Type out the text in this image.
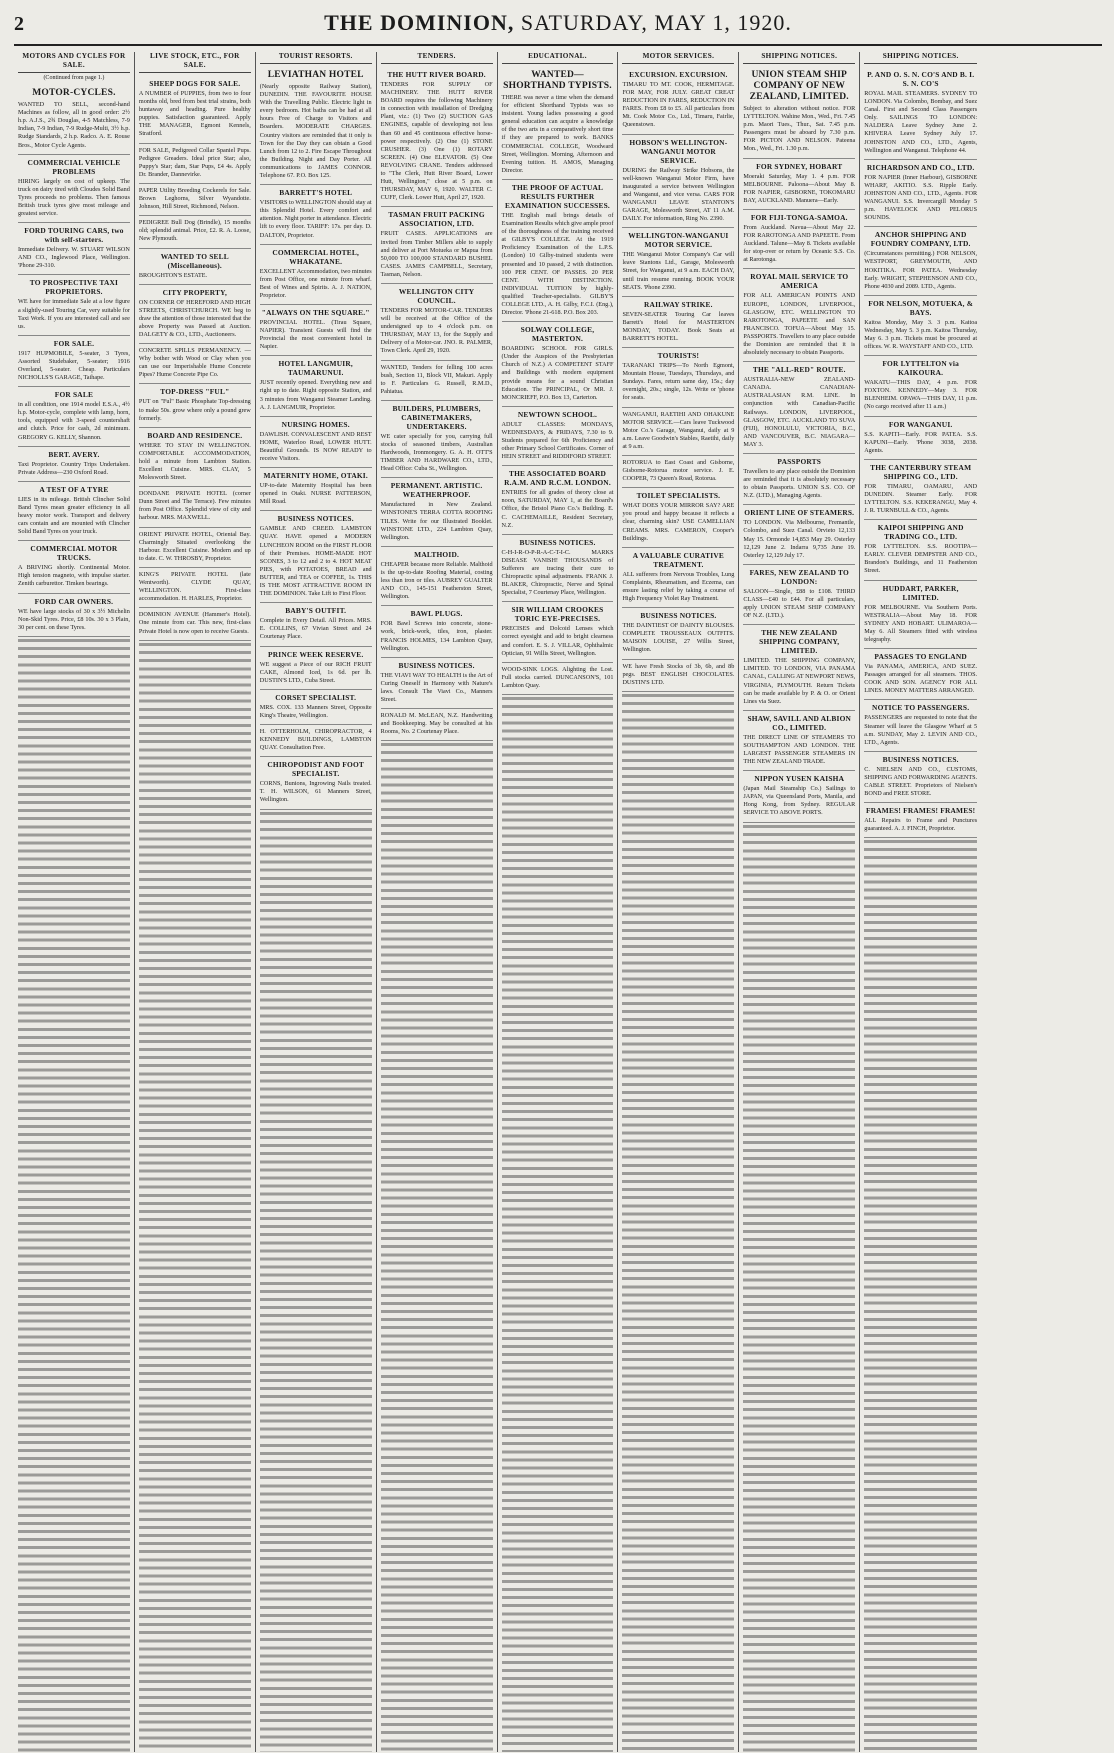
2	THE DOMINION, SATURDAY, MAY 1, 1920.
MOTORS AND CYCLES FOR SALE.
(Continued from page 1.)
MOTOR-CYCLES.
WANTED TO SELL, second-hand Machines as follow, all in good order: 2½ h.p. A.J.S., 2¾ Douglas, 4-5 Matchless, 7-9 Indian, 7-9 Indian, 7-9 Rudge-Multi, 3½ h.p. Rudge Standards, 2 h.p. Radco. A. E. Rouse Bros., Motor Cycle Agents.
COMMERCIAL VEHICLE PROBLEMS
HIRING largely on cost of upkeep. The truck on dairy tired with Cloudes Solid Band Tyres proceeds no problems. Then famous British truck tyres give most mileage and greatest service.
FORD TOURING CARS, two with self-starters.
Immediate Delivery. W. STUART WILSON AND CO., Inglewood Place, Wellington. 'Phone 29-310.
TO PROSPECTIVE TAXI PROPRIETORS.
WE have for immediate Sale at a low figure a slightly-used Touring Car, very suitable for Taxi Work. If you are interested call and see us.
FOR SALE.
1917 HUPMOBILE, 5-seater, 3 Tyres, Assorted Studebaker, 5-seater; 1916 Overland, 5-seater. Cheap. Particulars NICHOLLS'S GARAGE, Taihape.
FOR SALE
in all condition, one 1914 model E.S.A., 4½ h.p. Motor-cycle, complete with lamp, horn, tools, equipped with 3-speed countershaft and clutch. Price for cash, 2d minimum. GREGORY G. KELLY, Shannon.
BERT. AVERY.
Taxi Proprietor. Country Trips Undertaken. Private Address—230 Oxford Road.
A TEST OF A TYRE
LIES in its mileage. British Clincher Solid Band Tyres mean greater efficiency in all heavy motor work. Transport and delivery cars contain and are mounted with Clincher Solid Band Tyres on your truck.
COMMERCIAL MOTOR TRUCKS.
A BRIVING shortly. Continental Motor. High tension magneto, with impulse starter. Zenith carburettor. Timken bearings.
FORD CAR OWNERS.
WE have large stocks of 30 x 3½ Michelin Non-Skid Tyres. Price, £8 10s. 30 x 3 Plain, 30 per cent. on these Tyres.
LIVE STOCK, ETC., FOR SALE.
SHEEP DOGS FOR SALE.
A NUMBER of PUPPIES, from two to four months old, bred from best trial strains, both huntaway and heading. Pure healthy puppies. Satisfaction guaranteed. Apply THE MANAGER, Egmont Kennels, Stratford.
FOR SALE, Pedigreed Collar Spaniel Pups. Pedigree Greaders. Ideal price Star; also, Puppy's Star; dam, Star Pups, £4 4s. Apply Dr. Brander, Dannevirke.
PAPER Utility Breeding Cockerels for Sale. Brown Leghorns, Silver Wyandotte. Johnson, Hill Street, Richmond, Nelson.
PEDIGREE Bull Dog (Brindle), 15 months old; splendid animal. Price, £2. R. A. Loose, New Plymouth.
WANTED TO SELL (Miscellaneous).
BROUGHTON'S ESTATE.
CITY PROPERTY,
ON CORNER OF HEREFORD AND HIGH STREETS, CHRISTCHURCH. WE beg to draw the attention of those interested that the above Property was Passed at Auction. DALGETY & CO., LTD., Auctioneers.
CONCRETE SPILLS PERMANENCY. —Why bother with Wood or Clay when you can use our Imperishable Hume Concrete Pipes? Hume Concrete Pipe Co.
TOP-DRESS "FUL"
PUT on "Ful" Basic Phosphate Top-dressing to make 50s. grow where only a pound grew formerly.
BOARD AND RESIDENCE.
WHERE TO STAY IN WELLINGTON. COMFORTABLE ACCOMMODATION, hold a minute from Lambton Station. Excellent Cuisine. MRS. CLAY, 5 Molesworth Street.
DONDANE PRIVATE HOTEL (corner Dunn Street and The Terrace). Few minutes from Post Office. Splendid view of city and harbour. MRS. MAXWELL.
ORIENT PRIVATE HOTEL, Oriental Bay. Charmingly Situated overlooking the Harbour. Excellent Cuisine. Modern and up to date. C. W. THROSBY, Proprietor.
KING'S PRIVATE HOTEL (late Wentworth). CLYDE QUAY, WELLINGTON. First-class accommodation. H. HARLES, Proprietor.
DOMINION AVENUE (Hammer's Hotel). One minute from car. This new, first-class Private Hotel is now open to receive Guests.
TOURIST RESORTS.
LEVIATHAN HOTEL
(Nearly opposite Railway Station), DUNEDIN. THE FAVOURITE HOUSE With the Travelling Public. Electric light in every bedroom. Hot baths can be had at all hours Free of Charge to Visitors and Boarders. MODERATE CHARGES. Country visitors are reminded that it only is Town for the Day they can obtain a Good Lunch from 12 to 2. Fire Escape Throughout the Building. Night and Day Porter. All communications to JAMES CONNOR. Telephone 67. P.O. Box 125.
BARRETT'S HOTEL
VISITORS to WELLINGTON should stay at this Splendid Hotel. Every comfort and attention. Night porter in attendance. Electric lift to every floor. TARIFF: 17s. per day. D. DALTON, Proprietor.
COMMERCIAL HOTEL, WHAKATANE.
EXCELLENT Accommodation, two minutes from Post Office, one minute from wharf. Best of Wines and Spirits. A. J. NATION, Proprietor.
"ALWAYS ON THE SQUARE."
PROVINCIAL HOTEL. (Tirau Square, NAPIER). Transient Guests will find the Provincial the most convenient hotel in Napier.
HOTEL LANGMUIR, TAUMARUNUI.
JUST recently opened. Everything new and right up to date. Right opposite Station, and 3 minutes from Wanganui Steamer Landing. A. J. LANGMUIR, Proprietor.
NURSING HOMES.
DAWLISH. CONVALESCENT AND REST HOME, Waterloo Road, LOWER HUTT. Beautiful Grounds. IS NOW READY to receive Visitors.
MATERNITY HOME, OTAKI.
UP-to-date Maternity Hospital has been opened in Otaki. NURSE PATTERSON, Mill Road.
BUSINESS NOTICES.
GAMBLE AND CREED. LAMBTON QUAY. HAVE opened a MODERN LUNCHEON ROOM on the FIRST FLOOR of their Premises. HOME-MADE HOT SCONES, 3 to 12 and 2 to 4. HOT MEAT PIES, with POTATOES, BREAD and BUTTER, and TEA or COFFEE, 1s. THIS IS THE MOST ATTRACTIVE ROOM IN THE DOMINION. Take Lift to First Floor.
BABY'S OUTFIT.
Complete in Every Detail. All Prices. MRS. E. COLLINS, 67 Vivian Street and 24 Courtenay Place.
PRINCE WEEK RESERVE.
WE suggest a Piece of our RICH FRUIT CAKE, Almond Iced, 1s 6d. per lb. DUSTIN'S LTD., Cuba Street.
CORSET SPECIALIST.
MRS. COX. 133 Manners Street, Opposite King's Theatre, Wellington.
H. OTTERHOLM, CHIROPRACTOR, 4 KENNEDY BUILDINGS, LAMBTON QUAY. Consultation Free.
CHIROPODIST AND FOOT SPECIALIST.
CORNS, Bunions, Ingrowing Nails treated. T. H. WILSON, 61 Manners Street, Wellington.
TENDERS.
THE HUTT RIVER BOARD.
TENDERS FOR SUPPLY OF MACHINERY. THE HUTT RIVER BOARD requires the following Machinery in connection with installation of Dredging Plant, viz.: (1) Two (2) SUCTION GAS ENGINES, capable of developing not less than 60 and 45 continuous effective horse-power respectively. (2) One (1) STONE CRUSHER. (3) One (1) ROTARY SCREEN. (4) One ELEVATOR. (5) One REVOLVING CRANE. Tenders addressed to "The Clerk, Hutt River Board, Lower Hutt, Wellington," close at 5 p.m. on THURSDAY, MAY 6, 1920. WALTER C. CUFF, Clerk. Lower Hutt, April 27, 1920.
TASMAN FRUIT PACKING ASSOCIATION, LTD.
FRUIT CASES. APPLICATIONS are invited from Timber Millers able to supply and deliver at Port Motueka or Mapua from 50,000 TO 100,000 STANDARD BUSHEL CASES. JAMES CAMPBELL, Secretary, Tasman, Nelson.
WELLINGTON CITY COUNCIL.
TENDERS FOR MOTOR-CAR. TENDERS will be received at the Office of the undersigned up to 4 o'clock p.m. on THURSDAY, MAY 13, for the Supply and Delivery of a Motor-car. JNO. R. PALMER, Town Clerk. April 29, 1920.
WANTED, Tenders for felling 100 acres bush, Section 11, Block VII, Makuri. Apply to F. Particulars G. Russell, R.M.D., Pahiatua.
BUILDERS, PLUMBERS, CABINETMAKERS, UNDERTAKERS.
WE cater specially for you, carrying full stocks of seasoned timbers, Australian Hardwoods, Ironmongery. G. A. H. OTT'S TIMBER AND HARDWARE CO., LTD., Head Office: Cuba St., Wellington.
PERMANENT. ARTISTIC. WEATHERPROOF.
Manufactured in New Zealand. WINSTONE'S TERRA COTTA ROOFING TILES. Write for our Illustrated Booklet. WINSTONE LTD., 224 Lambton Quay, Wellington.
MALTHOID.
CHEAPER because more Reliable. Malthoid is the up-to-date Roofing Material, costing less than iron or tiles. AUBREY GUALTER AND CO., 145-151 Featherston Street, Wellington.
BAWL PLUGS.
FOR Bawl Screws into concrete, stone-work, brick-work, tiles, iron, plaster. FRANCIS HOLMES, 134 Lambton Quay, Wellington.
BUSINESS NOTICES.
THE VIAVI WAY TO HEALTH is the Art of Curing Oneself in Harmony with Nature's laws. Consult The Viavi Co., Manners Street.
RONALD M. McLEAN, N.Z. Handwriting and Bookkeeping. May be consulted at his Rooms, No. 2 Courtenay Place.
EDUCATIONAL.
WANTED— SHORTHAND TYPISTS.
THERE was never a time when the demand for efficient Shorthand Typists was so insistent. Young ladies possessing a good general education can acquire a knowledge of the two arts in a comparatively short time if they are prepared to work. BANKS COMMERCIAL COLLEGE, Woodward Street, Wellington. Morning, Afternoon and Evening tuition. H. AMOS, Managing Director.
THE PROOF OF ACTUAL RESULTS FURTHER EXAMINATION SUCCESSES.
THE English mail brings details of Examination Results which give ample proof of the thoroughness of the training received at GILBY'S COLLEGE. At the 1919 Proficiency Examination of the L.P.S. (London) 10 Gilby-trained students were presented and 10 passed, 2 with distinction. 100 PER CENT. OF PASSES. 20 PER CENT. WITH DISTINCTION. INDIVIDUAL TUITION by highly-qualified Teacher-specialists. GILBY'S COLLEGE LTD., A. H. Gilby, F.C.I. (Eng.), Director. 'Phone 21-618. P.O. Box 203.
SOLWAY COLLEGE, MASTERTON.
BOARDING SCHOOL FOR GIRLS. (Under the Auspices of the Presbyterian Church of N.Z.) A COMPETENT STAFF and Buildings with modern equipment provide means for a sound Christian Education. The PRINCIPAL, Or MR. J. MONCRIEFF, P.O. Box 13, Carterton.
NEWTOWN SCHOOL.
ADULT CLASSES: MONDAYS, WEDNESDAYS, & FRIDAYS, 7.30 to 9. Students prepared for 6th Proficiency and other Primary School Certificates. Corner of HEIN STREET and RIDDIFORD STREET.
THE ASSOCIATED BOARD R.A.M. AND R.C.M. LONDON.
ENTRIES for all grades of theory close at noon, SATURDAY, MAY 1, at the Board's Office, the Bristol Piano Co.'s Building. E. C. CACHEMAILLE, Resident Secretary, N.Z.
BUSINESS NOTICES.
C-H-I-R-O-P-R-A-C-T-I-C. MARKS DISEASE VANISH! THOUSANDS of Sufferers are tracing their cure to Chiropractic spinal adjustments. FRANK J. BLAKER, Chiropractic, Nerve and Spinal Specialist, 7 Courtenay Place, Wellington.
SIR WILLIAM CROOKES TORIC EYE-PRECISES.
PRECISES and Dolcoid Lenses which correct eyesight and add to bright clearness and comfort. E. S. J. VILLAR, Ophthalmic Optician, 91 Willis Street, Wellington.
WOOD-SINK LOGS. Alighting the Lost. Full stocks carried. DUNCANSON'S, 101 Lambton Quay.
MOTOR SERVICES.
EXCURSION. EXCURSION.
TIMARU TO MT. COOK, HERMITAGE. FOR MAY, FOR JULY. GREAT CREAT REDUCTION IN FARES, REDUCTION IN FARES. From £8 to £5. All particulars from Mt. Cook Motor Co., Ltd., Timaru, Fairlie, Queenstown.
HOBSON'S WELLINGTON-WANGANUI MOTOR SERVICE.
DURING the Railway Strike Hobsons, the well-known Wanganui Motor Firm, have inaugurated a service between Wellington and Wanganui, and vice versa. CARS FOR WANGANUI LEAVE STANTON'S GARAGE, Molesworth Street, AT 11 A.M. DAILY. For information, Ring No. 2390.
WELLINGTON-WANGANUI MOTOR SERVICE.
THE Wanganui Motor Company's Car will leave Stantons Ltd., Garage, Molesworth Street, for Wanganui, at 9 a.m. EACH DAY, until train resume running. BOOK YOUR SEATS. 'Phone 2390.
RAILWAY STRIKE.
SEVEN-SEATER Touring Car leaves Barrett's Hotel for MASTERTON MONDAY, TODAY. Book Seats at BARRETT'S HOTEL.
TOURISTS!
TARANAKI TRIPS—To North Egmont, Mountain House, Tuesdays, Thursdays, and Sundays. Fares, return same day, 15s.; day overnight, 20s.; single, 12s. Write or 'phone for seats.
WANGANUI, RAETIHI AND OHAKUNE MOTOR SERVICE.—Cars leave Tuckwood Motor Co.'s Garage, Wanganui, daily at 9 a.m. Leave Goodwin's Stables, Raetihi, daily at 9 a.m.
ROTORUA to East Coast and Gisborne, Gisborne-Rotorua motor service. J. E. COOPER, 73 Queen's Road, Rotorua.
TOILET SPECIALISTS.
WHAT DOES YOUR MIRROR SAY? ARE you proud and happy because it reflects a clear, charming skin? USE CAMELLIAN CREAMS. MRS. CAMERON, Cooper's Buildings.
A VALUABLE CURATIVE TREATMENT.
ALL sufferers from Nervous Troubles, Lung Complaints, Rheumatism, and Eczema, can ensure lasting relief by taking a course of High Frequency Violet Ray Treatment.
BUSINESS NOTICES.
THE DAINTIEST OF DAINTY BLOUSES. COMPLETE TROUSSEAUX OUTFITS. MAISON LOUISE, 27 Willis Street, Wellington.
WE have Fresh Stocks of 3b, 6b, and 8b pegs. BEST ENGLISH CHOCOLATES. DUSTIN'S LTD.
SHIPPING NOTICES.
UNION STEAM SHIP COMPANY OF NEW ZEALAND, LIMITED.
Subject to alteration without notice. FOR LYTTELTON. Wahine Mon., Wed., Fri. 7.45 p.m. Maori Tues., Thur., Sat. 7.45 p.m. Passengers must be aboard by 7.30 p.m. FOR PICTON AND NELSON. Pateena Mon., Wed., Fri. 1.30 p.m.
FOR SYDNEY, HOBART
Moeraki Saturday, May 1. 4 p.m. FOR MELBOURNE. Paloona—About May 8. FOR NAPIER, GISBORNE, TOKOMARU BAY, AUCKLAND. Manuera—Early.
FOR FIJI-TONGA-SAMOA.
From Auckland. Navua—About May 22. FOR RAROTONGA AND PAPEETE. From Auckland. Talune—May 8. Tickets available for stop-over or return by Oceanic S.S. Co. at Rarotonga.
ROYAL MAIL SERVICE TO AMERICA
FOR ALL AMERICAN POINTS AND EUROPE, LONDON, LIVERPOOL, GLASGOW, ETC. WELLINGTON TO RAROTONGA, PAPEETE and SAN FRANCISCO. TOFUA—About May 15. PASSPORTS. Travellers to any place outside the Dominion are reminded that it is absolutely necessary to obtain Passports.
THE "ALL-RED" ROUTE.
AUSTRALIA-NEW ZEALAND-CANADA. CANADIAN-AUSTRALASIAN R.M. LINE. In conjunction with Canadian-Pacific Railways. LONDON, LIVERPOOL, GLASGOW, ETC. AUCKLAND TO SUVA (FIJI), HONOLULU, VICTORIA, B.C., AND VANCOUVER, B.C. NIAGARA—MAY 3.
PASSPORTS
Travellers to any place outside the Dominion are reminded that it is absolutely necessary to obtain Passports. UNION S.S. CO. OF N.Z. (LTD.), Managing Agents.
ORIENT LINE OF STEAMERS.
TO LONDON. Via Melbourne, Fremantle, Colombo, and Suez Canal. Orvieto 12,133 May 15. Ormonde 14,853 May 29. Osterley 12,129 June 2. Indarra 9,735 June 19. Osterley 12,129 July 17.
FARES, NEW ZEALAND TO LONDON:
SALOON—Single, £88 to £108. THIRD CLASS—£40 to £44. For all particulars, apply UNION STEAM SHIP COMPANY OF N.Z. (LTD.).
THE NEW ZEALAND SHIPPING COMPANY, LIMITED.
LIMITED. THE SHIPPING COMPANY, LIMITED. TO LONDON, VIA PANAMA CANAL, CALLING AT NEWPORT NEWS, VIRGINIA, PLYMOUTH. Return Tickets can be made available by P. & O. or Orient Lines via Suez.
SHAW, SAVILL AND ALBION CO., LIMITED.
THE DIRECT LINE OF STEAMERS TO SOUTHAMPTON AND LONDON. THE LARGEST PASSENGER STEAMERS IN THE NEW ZEALAND TRADE.
NIPPON YUSEN KAISHA
(Japan Mail Steamship Co.) Sailings to JAPAN, via Queensland Ports, Manila, and Hong Kong, from Sydney. REGULAR SERVICE TO ABOVE PORTS.
SHIPPING NOTICES.
P. AND O. S. N. CO'S AND B. I. S. N. CO'S
ROYAL MAIL STEAMERS. SYDNEY TO LONDON. Via Colombo, Bombay, and Suez Canal. First and Second Class Passengers Only. SAILINGS TO LONDON: NALDERA Leave Sydney June 2. KHIVERA Leave Sydney July 17. JOHNSTON AND CO., LTD., Agents, Wellington and Wanganui. Telephone 44.
RICHARDSON AND CO., LTD.
FOR NAPIER (Inner Harbour), GISBORNE WHARF, AKITIO. S.S. Ripple Early. JOHNSTON AND CO., LTD., Agents. FOR WANGANUI. S.S. Invercargill Monday 5 p.m. HAVELOCK AND PELORUS SOUNDS.
ANCHOR SHIPPING AND FOUNDRY COMPANY, LTD.
(Circumstances permitting.) FOR NELSON, WESTPORT, GREYMOUTH, AND HOKITIKA. FOR PATEA. Wednesday Early. WRIGHT, STEPHENSON AND CO., Phone 4030 and 2089. LTD., Agents.
FOR NELSON, MOTUEKA, & BAYS.
Kaitoa Monday, May 3. 3 p.m. Kaitoa Wednesday, May 5. 3 p.m. Kaitoa Thursday, May 6. 3 p.m. Tickets must be procured at offices. W. R. WAYSTAFF AND CO., LTD.
FOR LYTTELTON via KAIKOURA.
WAKATU—THIS DAY, 4 p.m. FOR FOXTON. KENNEDY—May 3. FOR BLENHEIM. OPAWA—THIS DAY, 11 p.m. (No cargo received after 11 a.m.)
FOR WANGANUI.
S.S. KAPITI—Early. FOR PATEA. S.S. KAPUNI—Early. 'Phone 3038, 2038. Agents.
THE CANTERBURY STEAM SHIPPING CO., LTD.
FOR TIMARU, OAMARU, AND DUNEDIN. Steamer Early. FOR LYTTELTON. S.S. KEKERANGU, May 4. J. R. TURNBULL & CO., Agents.
KAIPOI SHIPPING AND TRADING CO., LTD.
FOR LYTTELTON. S.S. ROOTIPA—EARLY. CLEVER DEMPSTER AND CO., Brandon's Buildings, and 11 Featherston Street.
HUDDART, PARKER, LIMITED.
FOR MELBOURNE. Via Southern Ports. WESTRALIA—About May 18. FOR SYDNEY AND HOBART. ULIMAROA—May 6. All Steamers fitted with wireless telegraphy.
PASSAGES TO ENGLAND
Via PANAMA, AMERICA, AND SUEZ. Passages arranged for all steamers. THOS. COOK AND SON. AGENCY FOR ALL LINES. MONEY MATTERS ARRANGED.
NOTICE TO PASSENGERS.
PASSENGERS are requested to note that the Steamer will leave the Glasgow Wharf at 5 a.m. SUNDAY, May 2. LEVIN AND CO., LTD., Agents.
BUSINESS NOTICES.
C. NIELSEN AND CO., CUSTOMS, SHIPPING AND FORWARDING AGENTS. CABLE STREET. Proprietors of Nielsen's BOND and FREE STORE.
FRAMES! FRAMES! FRAMES!
ALL Repairs to Frame and Punctures guaranteed. A. J. FINCH, Proprietor.
